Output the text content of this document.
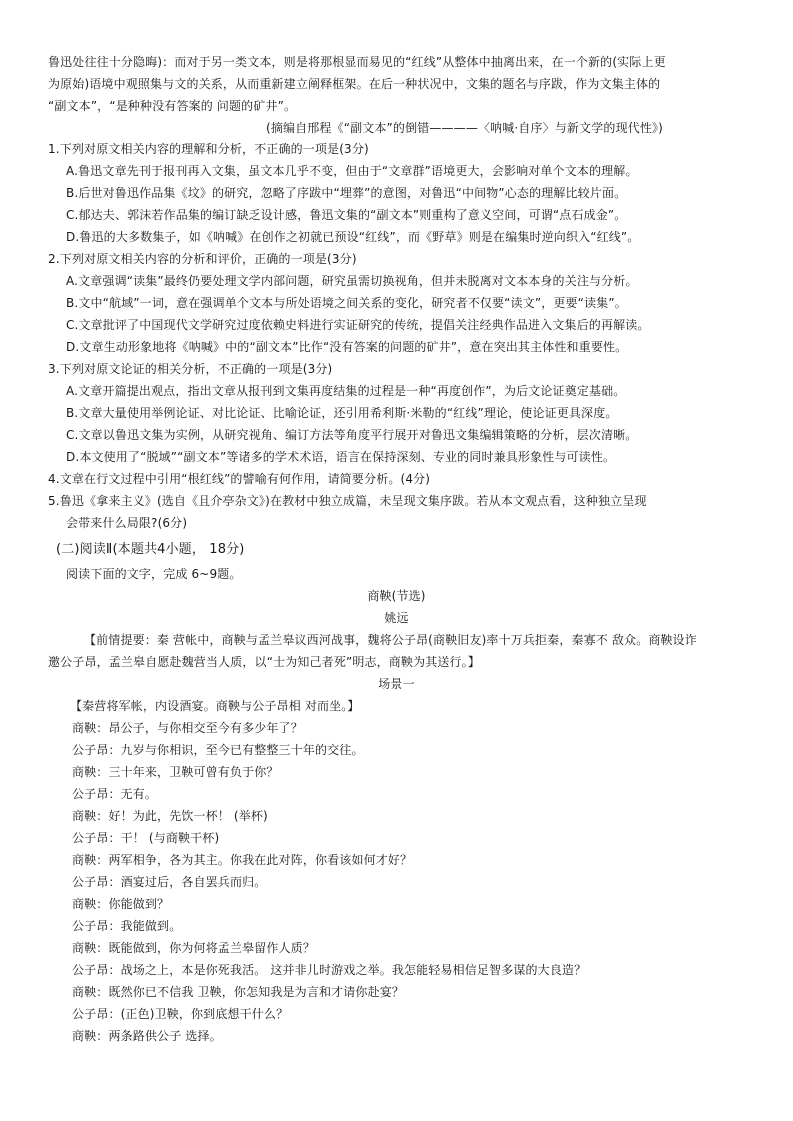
鲁迅处往往十分隐晦)：而对于另一类文本，则是将那根显而易见的“红线”从整体中抽离出来，在一个新的(实际上更
为原始)语境中观照集与文的关系，从而重新建立阐释框架。在后一种状况中，文集的题名与序跋，作为文集主体的
“副文本”，“是种种没有答案的 问题的矿井”。
(摘编自邢程《“副文本”的倒错————〈呐喊·自序〉与新文学的现代性》)
1.下列对原文相关内容的理解和分析，不正确的一项是(3分)
A.鲁迅文章先刊于报刊再入文集，虽文本几乎不变，但由于“文章群”语境更大，会影响对单个文本的理解。
B.后世对鲁迅作品集《坟》的研究，忽略了序跋中“埋葬”的意图，对鲁迅“中间物”心态的理解比较片面。
C.郁达夫、郭沫若作品集的编订缺乏设计感，鲁迅文集的“副文本”则重构了意义空间，可谓“点石成金”。
D.鲁迅的大多数集子，如《呐喊》在创作之初就已预设“红线”，而《野草》则是在编集时逆向织入“红线”。
2.下列对原文相关内容的分析和评价，正确的一项是(3分)
A.文章强调“读集”最终仍要处理文学内部问题，研究虽需切换视角，但并未脱离对文本本身的关注与分析。
B.文中“航域”一词，意在强调单个文本与所处语境之间关系的变化，研究者不仅要“读文”，更要“读集”。
C.文章批评了中国现代文学研究过度依赖史料进行实证研究的传统，提倡关注经典作品进入文集后的再解读。
D.文章生动形象地将《呐喊》中的“副文本”比作“没有答案的问题的矿井”，意在突出其主体性和重要性。
3.下列对原文论证的相关分析，不正确的一项是(3分)
A.文章开篇提出观点，指出文章从报刊到文集再度结集的过程是一种“再度创作”，为后文论证奠定基础。
B.文章大量使用举例论证、对比论证、比喻论证，还引用希利斯·米勒的“红线”理论，使论证更具深度。
C.文章以鲁迅文集为实例，从研究视角、编订方法等角度平行展开对鲁迅文集编辑策略的分析，层次清晰。
D.本文使用了“脱域”“副文本”等诸多的学术术语，语言在保持深刻、专业的同时兼具形象性与可读性。
4.文章在行文过程中引用“根红线”的譬喻有何作用，请简要分析。(4分)
5.鲁迅《拿来主义》(选自《且介亭杂文》)在教材中独立成篇，未呈现文集序跋。若从本文观点看，这种独立呈现
会带来什么局限?(6分)
(二)阅读Ⅱ(本题共4小题， 18分)
阅读下面的文字，完成 6~9题。
商鞅(节选)
姚远
【前情提要：秦 营帐中，商鞅与孟兰皋议西河战事，魏将公子昂(商鞅旧友)率十万兵拒秦，秦寡不 敌众。商鞅设诈
邀公子昂，孟兰皋自愿赴魏营当人质，以“士为知己者死”明志，商鞅为其送行。】
场景一
【秦营将军帐，内设酒宴。商鞅与公子昂相 对而坐。】
商鞅：昂公子，与你相交至今有多少年了？
公子昂：九岁与你相识，至今已有整整三十年的交往。
商鞅：三十年来，卫鞅可曾有负于你？
公子昂：无有。
商鞅：好！为此，先饮一杯！ (举杯)
公子昂：干！ (与商鞅干杯)
商鞅：两军相争，各为其主。你我在此对阵，你看该如何才好？
公子昂：酒宴过后，各自罢兵而归。
商鞅：你能做到？
公子昂：我能做到。
商鞅：既能做到，你为何将孟兰皋留作人质？
公子昂：战场之上，本是你死我活。 这并非儿时游戏之举。我怎能轻易相信足智多谋的大良造？
商鞅：既然你已不信我 卫鞅，你怎知我是为言和才请你赴宴？
公子昂：(正色)卫鞅，你到底想干什么？
商鞅：两条路供公子 选择。
